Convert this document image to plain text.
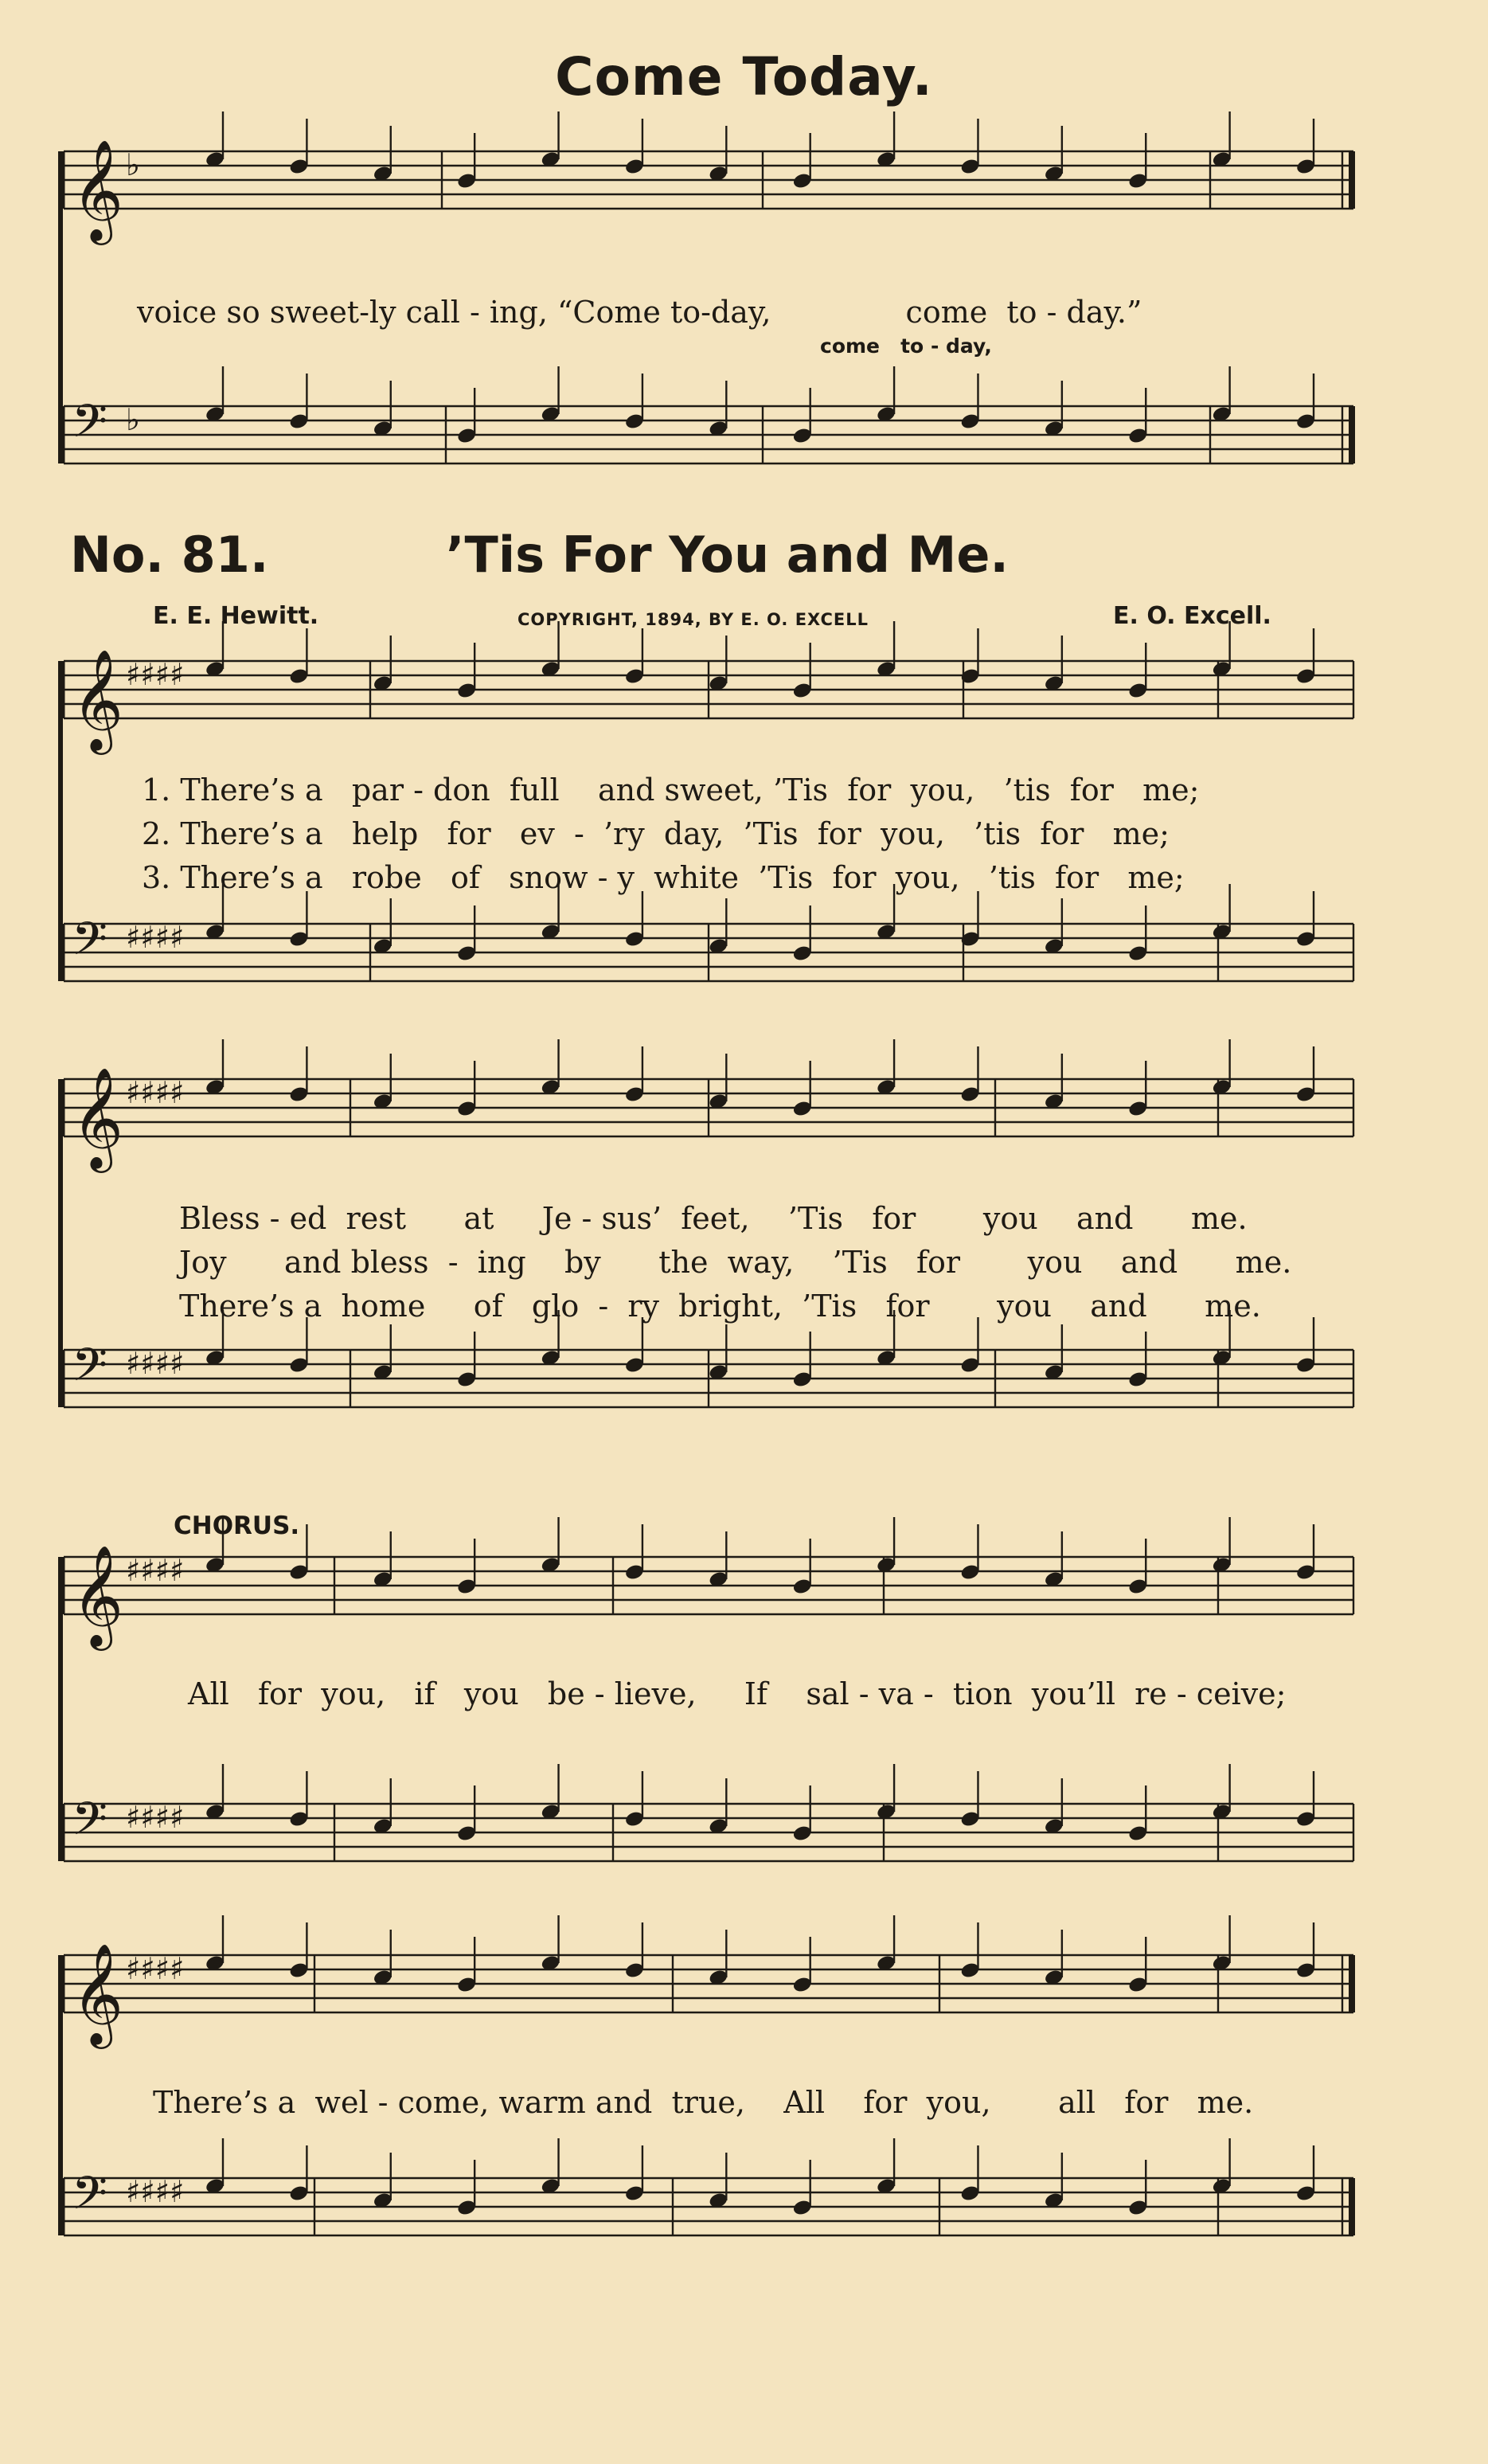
Come Today.
voice so sweet-ly call - ing, “Come to-day,              come  to - day.”
come   to - day,
No. 81.	’Tis For You and Me.
E. E. Hewitt.	COPYRIGHT, 1894, BY E. O. EXCELL	E. O. Excell.
1. There’s a   par - don  full    and sweet, ’Tis  for  you,   ’tis  for   me;
2. There’s a   help   for   ev  -  ’ry  day,  ’Tis  for  you,   ’tis  for   me;
3. There’s a   robe   of   snow - y  white  ’Tis  for  you,   ’tis  for   me;
Bless - ed  rest      at     Je - sus’  feet,    ’Tis   for       you    and      me.
Joy      and bless  -  ing    by      the  way,    ’Tis   for       you    and      me.
There’s a  home     of   glo  -  ry  bright,  ’Tis   for       you    and      me.
CHORUS.
All   for  you,   if   you   be - lieve,     If    sal - va -  tion  you’ll  re - ceive;
There’s a  wel - come, warm and  true,    All    for  you,       all   for   me.
𝄞 ♭
𝄢 ♭
𝄞 ♯♯♯♯
𝄢 ♯♯♯♯
𝄞 ♯♯♯♯
𝄢 ♯♯♯♯
𝄞 ♯♯♯♯
𝄢 ♯♯♯♯
𝄞 ♯♯♯♯
𝄢 ♯♯♯♯
